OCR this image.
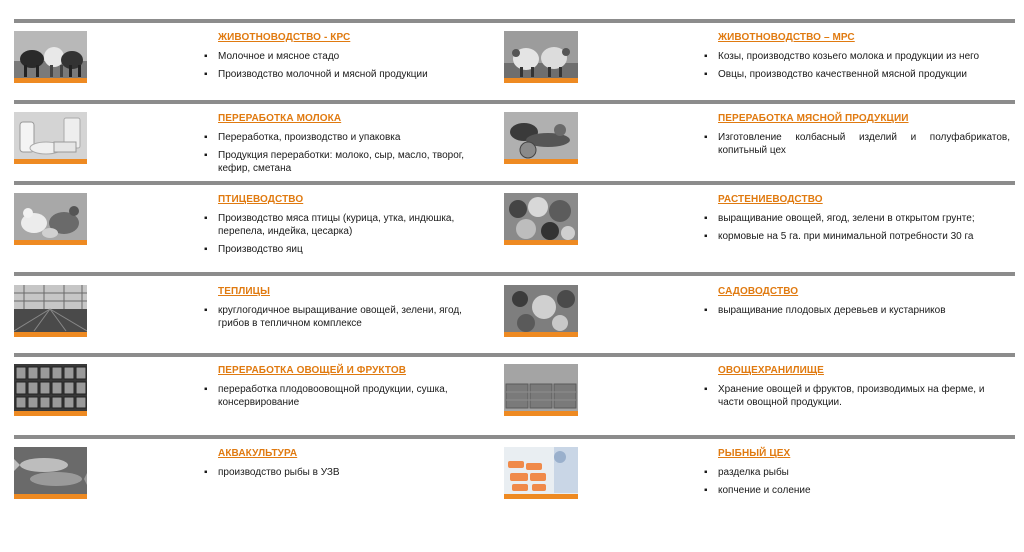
ЖИВОТНОВОДСТВО - КРС
▪ Молочное и мясное стадо
▪ Производство молочной и мясной продукции
ЖИВОТНОВОДСТВО – МРС
▪ Козы, производство козьего молока и продукции из него
▪ Овцы, производство качественной мясной продукции
ПЕРЕРАБОТКА МОЛОКА
▪ Переработка, производство и упаковка
▪ Продукция переработки: молоко, сыр, масло, творог, кефир, сметана
ПЕРЕРАБОТКА МЯСНОЙ ПРОДУКЦИИ
▪ Изготовление колбасный изделий и полуфабрикатов, копитьный цех
ПТИЦЕВОДСТВО
▪ Производство мяса птицы (курица, утка, индюшка, перепела, индейка, цесарка)
▪ Производство яиц
РАСТЕНИЕВОДСТВО
▪ выращивание овощей, ягод, зелени в открытом грунте;
▪ кормовые на 5 га. при минимальной потребности 30 га
ТЕПЛИЦЫ
▪ круглогодичное выращивание овощей, зелени, ягод, грибов в тепличном комплексе
САДОВОДСТВО
▪ выращивание плодовых деревьев и кустарников
ПЕРЕРАБОТКА ОВОЩЕЙ И ФРУКТОВ
▪ переработка плодовоовощной продукции, сушка, консервирование
ОВОЩЕХРАНИЛИЩЕ
▪ Хранение овощей и фруктов, производимых на ферме, и части овощной продукции.
АКВАКУЛЬТУРА
▪ производство рыбы в УЗВ
РЫБНЫЙ ЦЕХ
▪ разделка рыбы
▪ копчение и соление
